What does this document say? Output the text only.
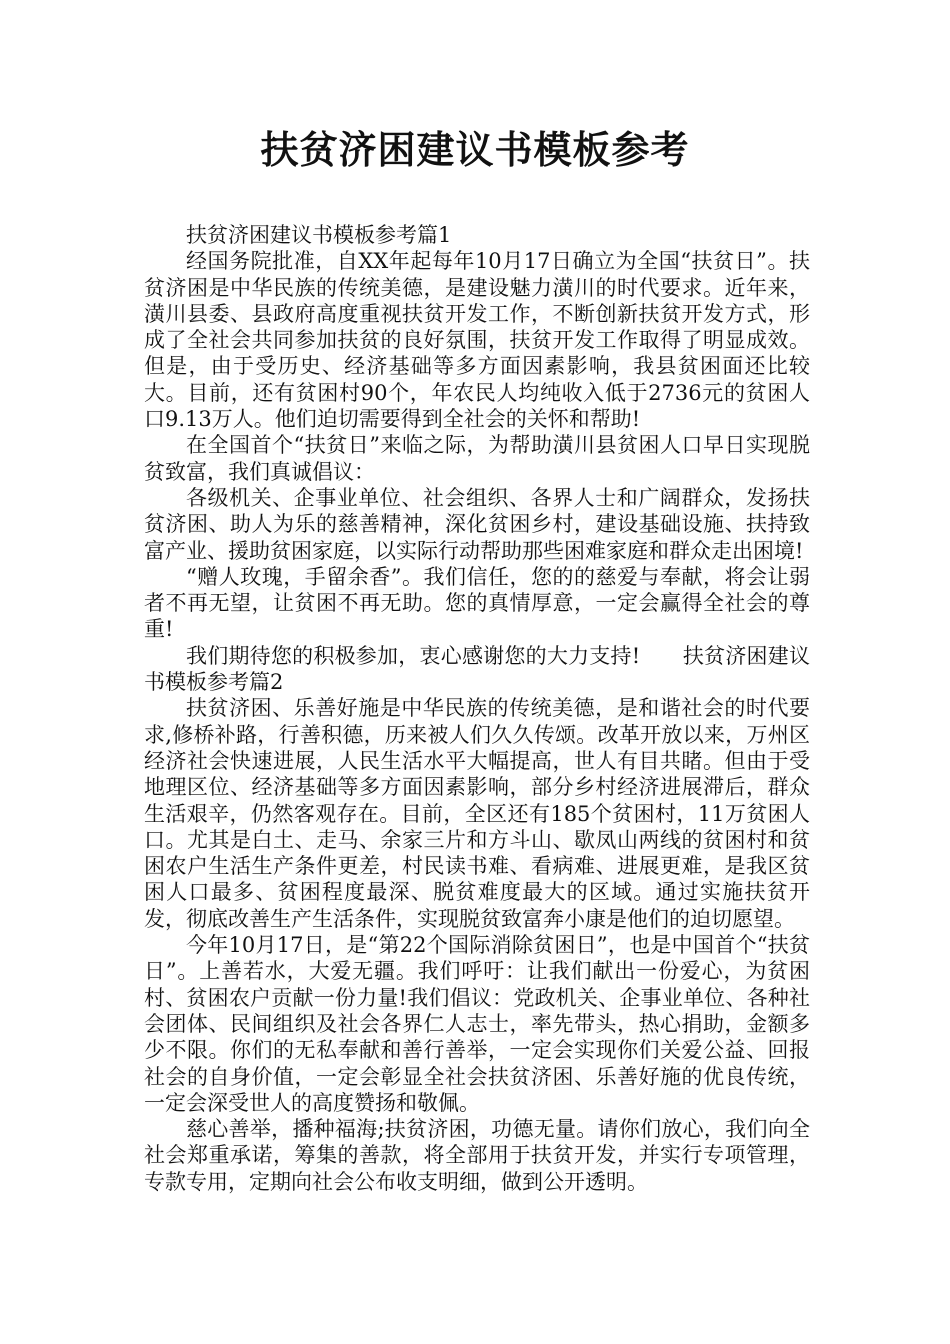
扶贫济困建议书模板参考

扶贫济困建议书模板参考篇1

经国务院批准，自XX年起每年10月17日确立为全国“扶贫日”。扶贫济困是中华民族的传统美德，是建设魅力潢川的时代要求。近年来，潢川县委、县政府高度重视扶贫开发工作，不断创新扶贫开发方式，形成了全社会共同参加扶贫的良好氛围，扶贫开发工作取得了明显成效。但是，由于受历史、经济基础等多方面因素影响，我县贫困面还比较大。目前，还有贫困村90个，年农民人均纯收入低于2736元的贫困人口9.13万人。他们迫切需要得到全社会的关怀和帮助!

在全国首个“扶贫日”来临之际，为帮助潢川县贫困人口早日实现脱贫致富，我们真诚倡议：

各级机关、企事业单位、社会组织、各界人士和广阔群众，发扬扶贫济困、助人为乐的慈善精神，深化贫困乡村，建设基础设施、扶持致富产业、援助贫困家庭，以实际行动帮助那些困难家庭和群众走出困境!

“赠人玫瑰，手留余香”。我们信任，您的的慈爱与奉献，将会让弱者不再无望，让贫困不再无助。您的真情厚意，一定会赢得全社会的尊重!

我们期待您的积极参加，衷心感谢您的大力支持!　　扶贫济困建议书模板参考篇2

扶贫济困、乐善好施是中华民族的传统美德，是和谐社会的时代要求,修桥补路，行善积德，历来被人们久久传颂。改革开放以来，万州区经济社会快速进展，人民生活水平大幅提高，世人有目共睹。但由于受地理区位、经济基础等多方面因素影响，部分乡村经济进展滞后，群众生活艰辛，仍然客观存在。目前，全区还有185个贫困村，11万贫困人口。尤其是白土、走马、余家三片和方斗山、歇凤山两线的贫困村和贫困农户生活生产条件更差，村民读书难、看病难、进展更难，是我区贫困人口最多、贫困程度最深、脱贫难度最大的区域。通过实施扶贫开发，彻底改善生产生活条件，实现脱贫致富奔小康是他们的迫切愿望。

今年10月17日，是“第22个国际消除贫困日”，也是中国首个“扶贫日”。上善若水，大爱无疆。我们呼吁：让我们献出一份爱心，为贫困村、贫困农户贡献一份力量!我们倡议：党政机关、企事业单位、各种社会团体、民间组织及社会各界仁人志士，率先带头，热心捐助，金额多少不限。你们的无私奉献和善行善举，一定会实现你们关爱公益、回报社会的自身价值，一定会彰显全社会扶贫济困、乐善好施的优良传统，一定会深受世人的高度赞扬和敬佩。

慈心善举，播种福海;扶贫济困，功德无量。请你们放心，我们向全社会郑重承诺，筹集的善款，将全部用于扶贫开发，并实行专项管理，专款专用，定期向社会公布收支明细，做到公开透明。
